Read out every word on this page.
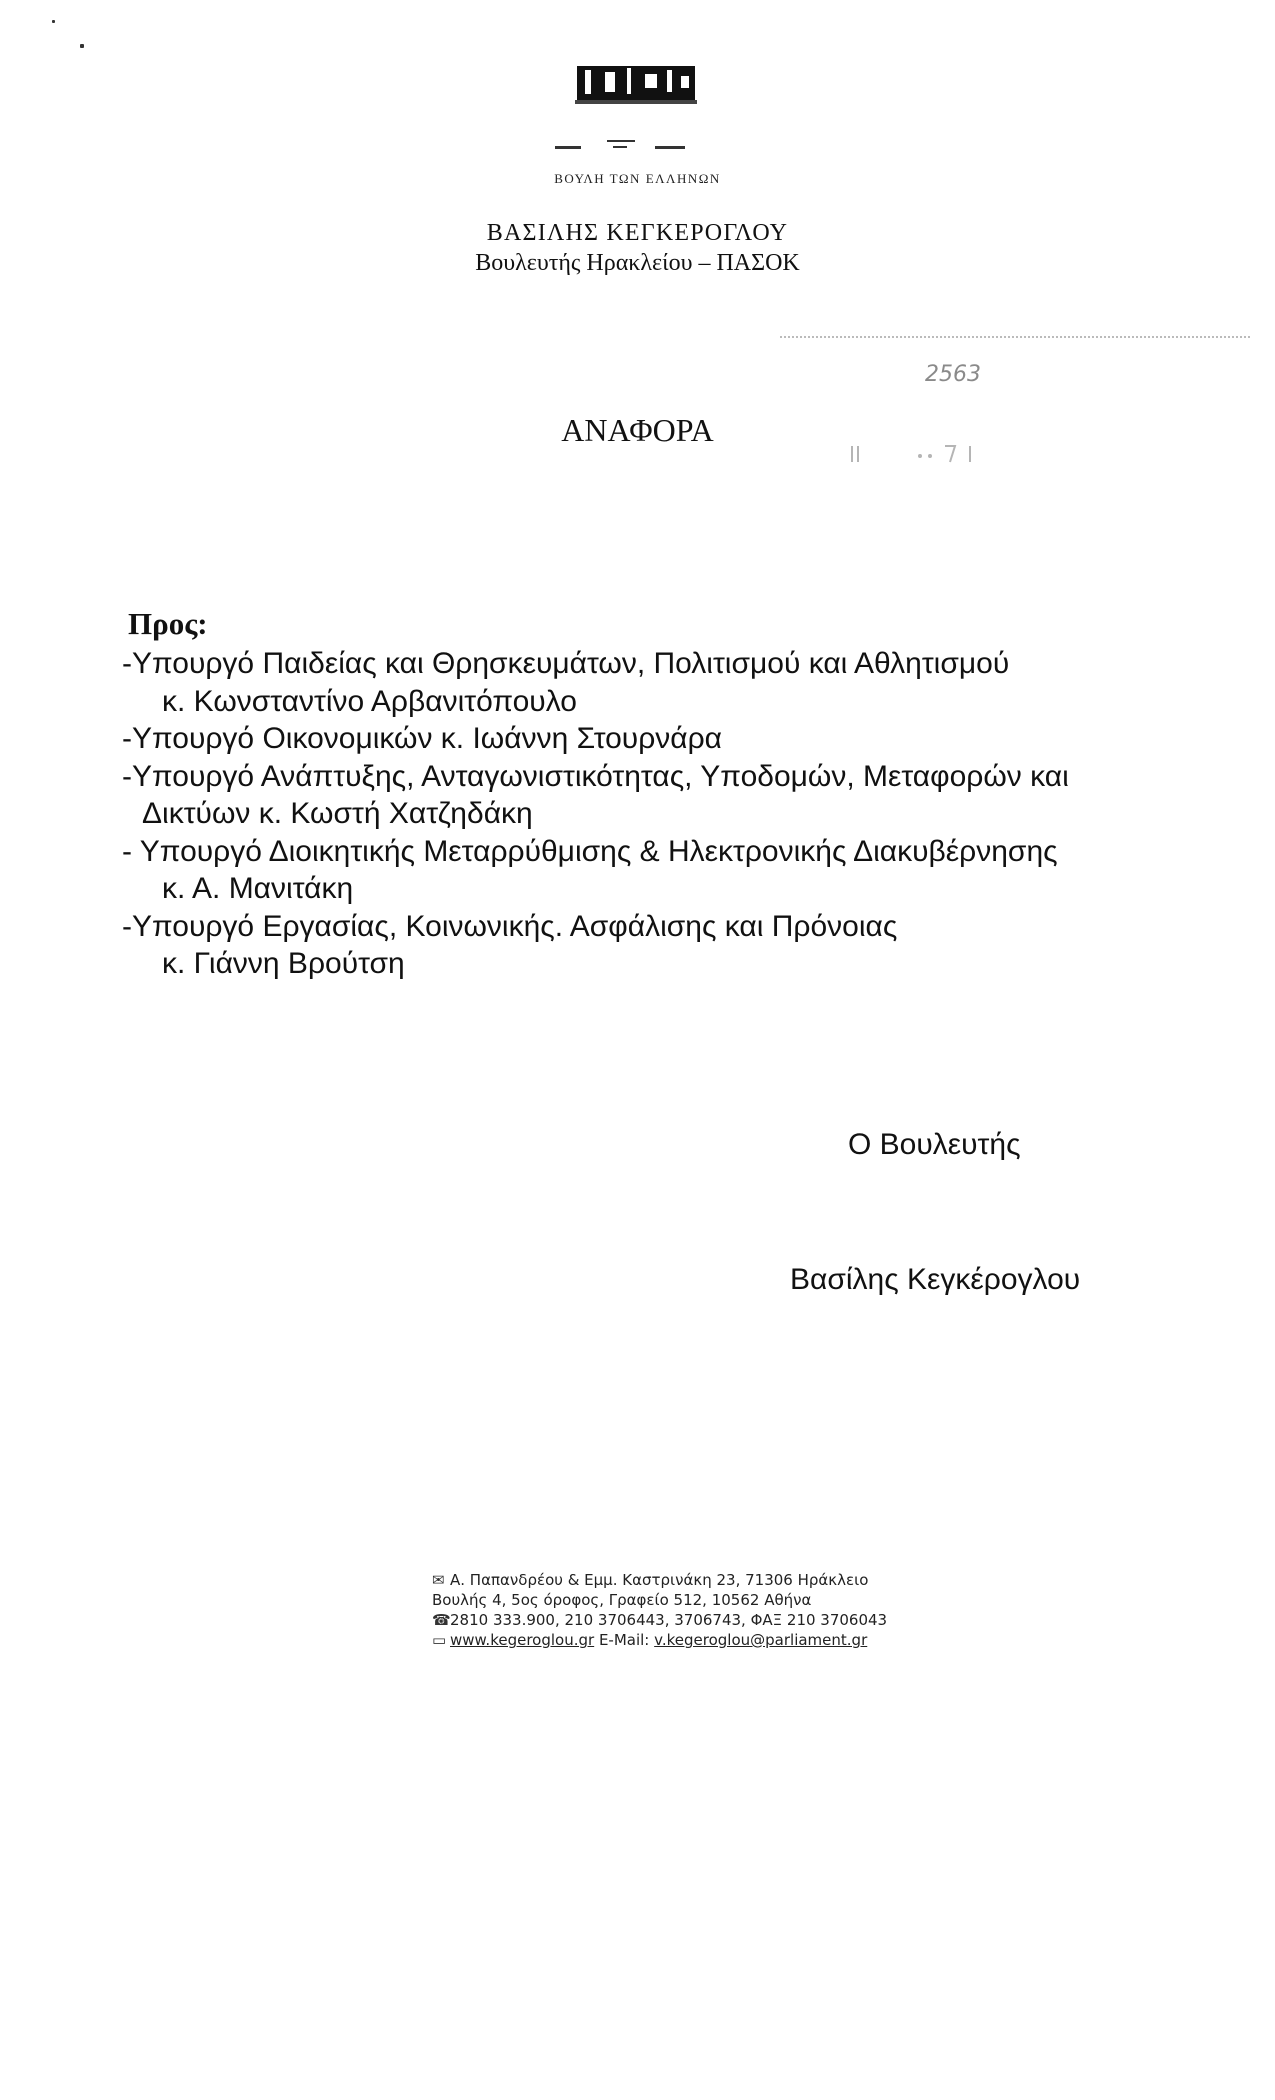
ΒΟΥΛΗ ΤΩΝ ΕΛΛΗΝΩΝ
ΒΑΣΙΛΗΣ ΚΕΓΚΕΡΟΓΛΟΥ
Βουλευτής Ηρακλείου – ΠΑΣΟΚ
2563
ΑΝΑΦΟΡΑ
Προς:
-Υπουργό Παιδείας και Θρησκευμάτων, Πολιτισμού και Αθλητισμού
κ. Κωνσταντίνο Αρβανιτόπουλο
-Υπουργό Οικονομικών κ. Ιωάννη Στουρνάρα
-Υπουργό Ανάπτυξης, Ανταγωνιστικότητας, Υποδομών, Μεταφορών και
Δικτύων κ. Κωστή Χατζηδάκη
- Υπουργό Διοικητικής Μεταρρύθμισης & Ηλεκτρονικής Διακυβέρνησης
κ. Α. Μανιτάκη
-Υπουργό Εργασίας, Κοινωνικής. Ασφάλισης και Πρόνοιας
κ. Γιάννη Βρούτση
Ο Βουλευτής
Βασίλης Κεγκέρογλου
✉ Α. Παπανδρέου & Εμμ. Καστρινάκη 23, 71306 Ηράκλειο
Βουλής 4, 5ος όροφος, Γραφείο 512, 10562 Αθήνα
☎2810 333.900, 210 3706443, 3706743, ΦΑΞ 210 3706043
▭ www.kegeroglou.gr E-Mail: v.kegeroglou@parliament.gr
